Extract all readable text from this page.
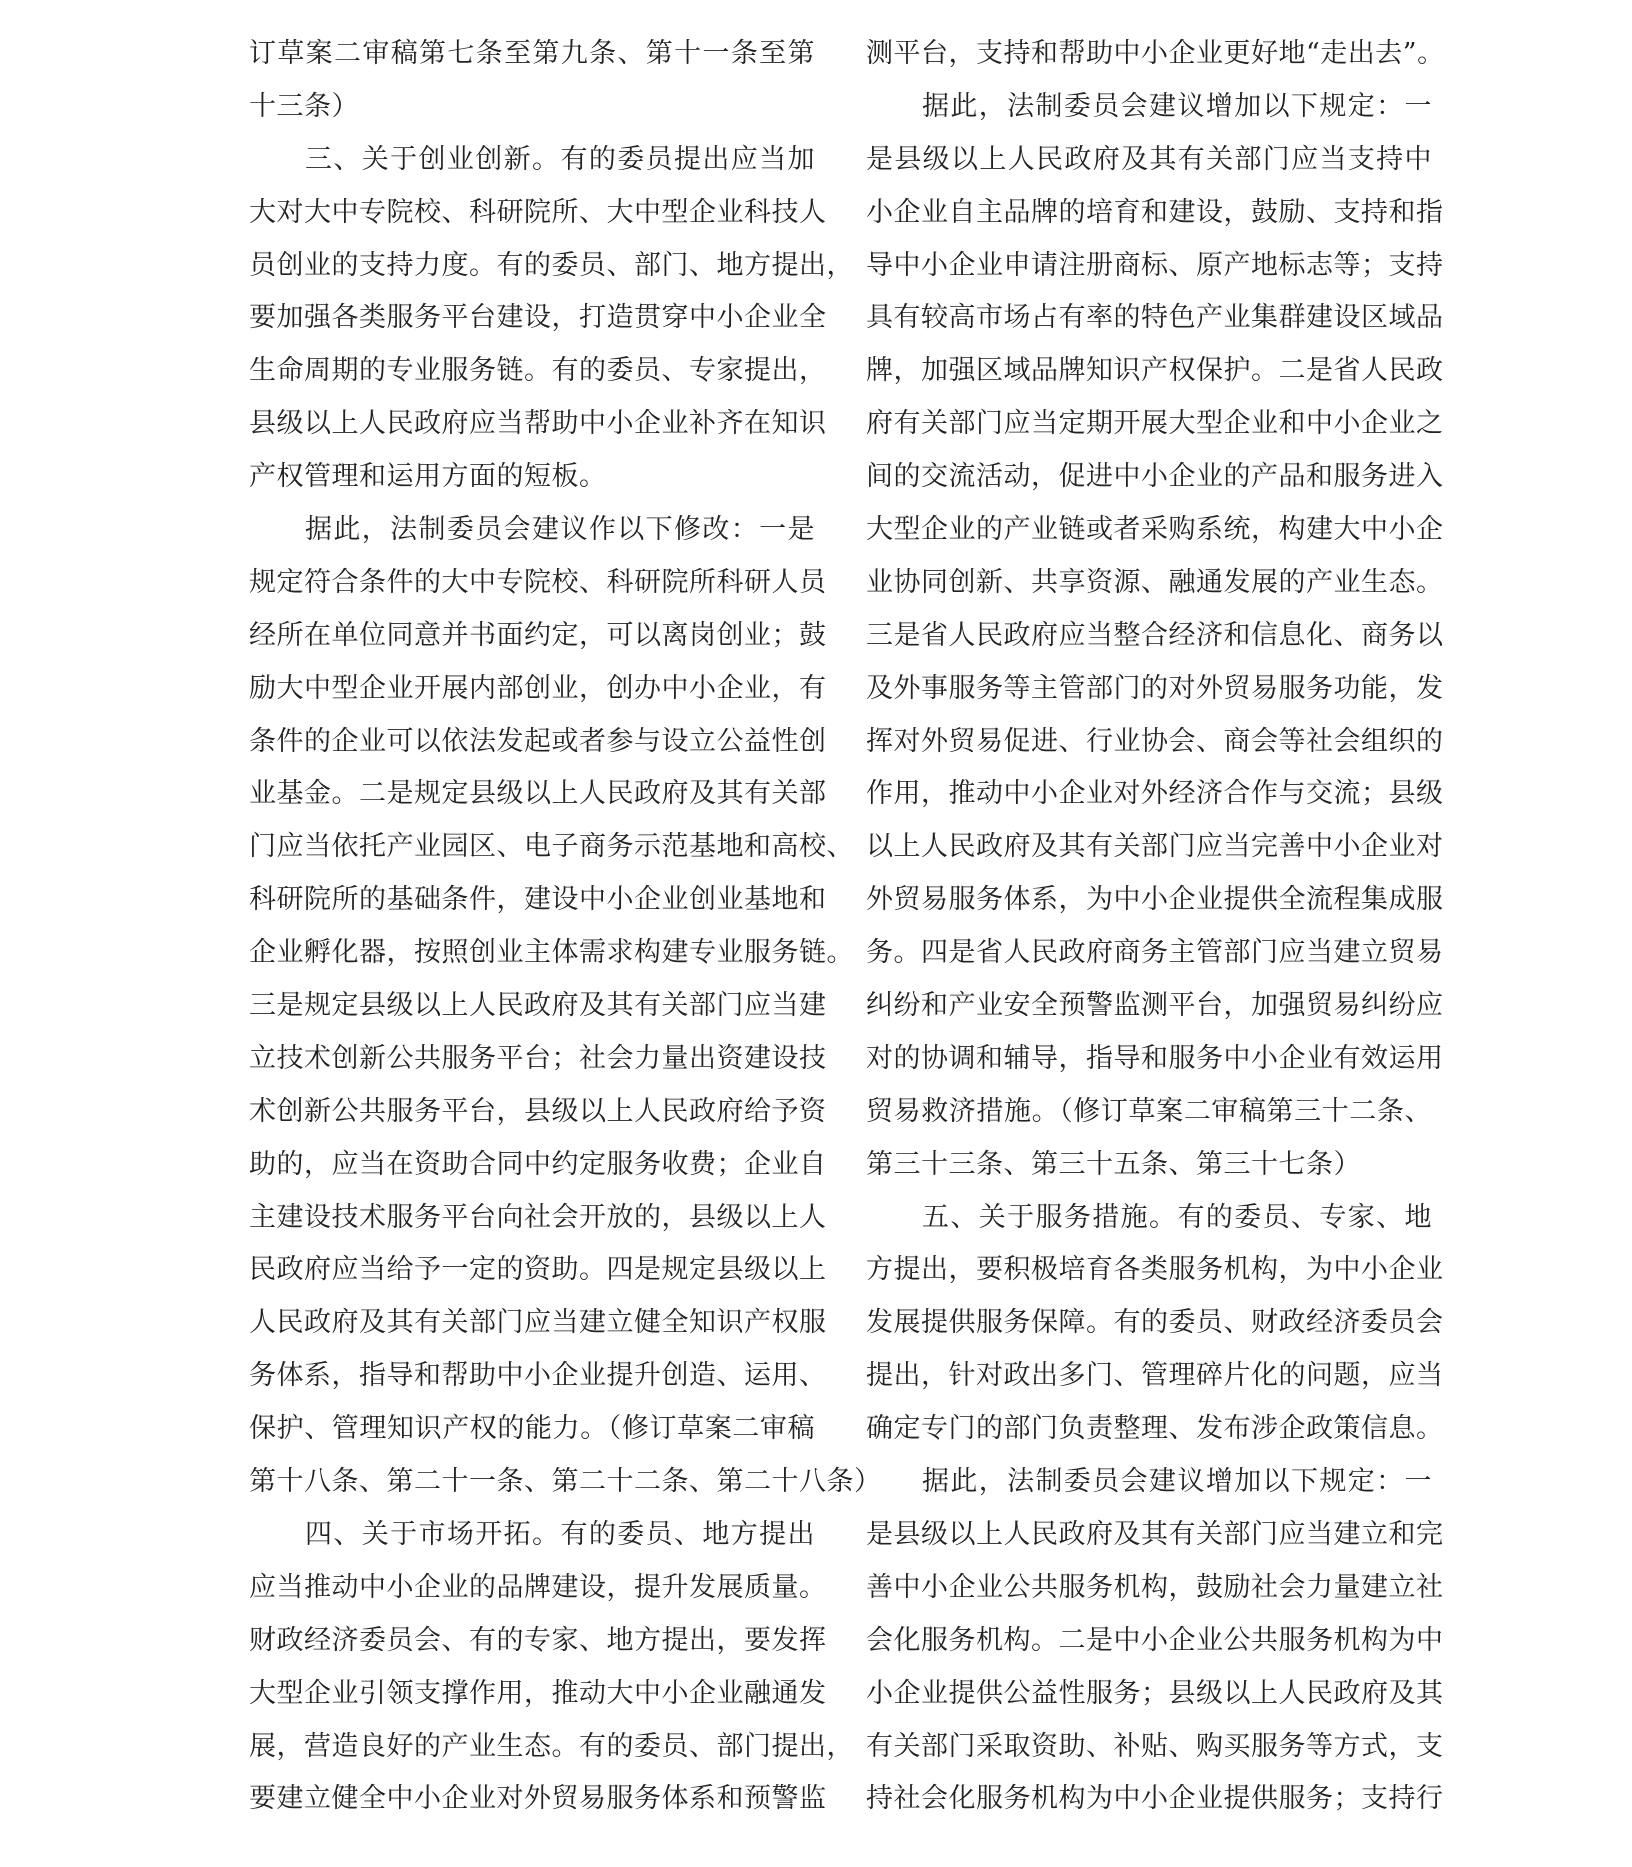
订草案二审稿第七条至第九条、第十一条至第
十三条）
三、关于创业创新。有的委员提出应当加
大对大中专院校、科研院所、大中型企业科技人
员创业的支持力度。有的委员、部门、地方提出，
要加强各类服务平台建设，打造贯穿中小企业全
生命周期的专业服务链。有的委员、专家提出，
县级以上人民政府应当帮助中小企业补齐在知识
产权管理和运用方面的短板。
据此，法制委员会建议作以下修改：一是
规定符合条件的大中专院校、科研院所科研人员
经所在单位同意并书面约定，可以离岗创业；鼓
励大中型企业开展内部创业，创办中小企业，有
条件的企业可以依法发起或者参与设立公益性创
业基金。二是规定县级以上人民政府及其有关部
门应当依托产业园区、电子商务示范基地和高校、
科研院所的基础条件，建设中小企业创业基地和
企业孵化器，按照创业主体需求构建专业服务链。
三是规定县级以上人民政府及其有关部门应当建
立技术创新公共服务平台；社会力量出资建设技
术创新公共服务平台，县级以上人民政府给予资
助的，应当在资助合同中约定服务收费；企业自
主建设技术服务平台向社会开放的，县级以上人
民政府应当给予一定的资助。四是规定县级以上
人民政府及其有关部门应当建立健全知识产权服
务体系，指导和帮助中小企业提升创造、运用、
保护、管理知识产权的能力。（修订草案二审稿
第十八条、第二十一条、第二十二条、第二十八条）
四、关于市场开拓。有的委员、地方提出
应当推动中小企业的品牌建设，提升发展质量。
财政经济委员会、有的专家、地方提出，要发挥
大型企业引领支撑作用，推动大中小企业融通发
展，营造良好的产业生态。有的委员、部门提出，
要建立健全中小企业对外贸易服务体系和预警监
测平台，支持和帮助中小企业更好地“走出去”。
据此，法制委员会建议增加以下规定：一
是县级以上人民政府及其有关部门应当支持中
小企业自主品牌的培育和建设，鼓励、支持和指
导中小企业申请注册商标、原产地标志等；支持
具有较高市场占有率的特色产业集群建设区域品
牌，加强区域品牌知识产权保护。二是省人民政
府有关部门应当定期开展大型企业和中小企业之
间的交流活动，促进中小企业的产品和服务进入
大型企业的产业链或者采购系统，构建大中小企
业协同创新、共享资源、融通发展的产业生态。
三是省人民政府应当整合经济和信息化、商务以
及外事服务等主管部门的对外贸易服务功能，发
挥对外贸易促进、行业协会、商会等社会组织的
作用，推动中小企业对外经济合作与交流；县级
以上人民政府及其有关部门应当完善中小企业对
外贸易服务体系，为中小企业提供全流程集成服
务。四是省人民政府商务主管部门应当建立贸易
纠纷和产业安全预警监测平台，加强贸易纠纷应
对的协调和辅导，指导和服务中小企业有效运用
贸易救济措施。（修订草案二审稿第三十二条、
第三十三条、第三十五条、第三十七条）
五、关于服务措施。有的委员、专家、地
方提出，要积极培育各类服务机构，为中小企业
发展提供服务保障。有的委员、财政经济委员会
提出，针对政出多门、管理碎片化的问题，应当
确定专门的部门负责整理、发布涉企政策信息。
据此，法制委员会建议增加以下规定：一
是县级以上人民政府及其有关部门应当建立和完
善中小企业公共服务机构，鼓励社会力量建立社
会化服务机构。二是中小企业公共服务机构为中
小企业提供公益性服务；县级以上人民政府及其
有关部门采取资助、补贴、购买服务等方式，支
持社会化服务机构为中小企业提供服务；支持行
